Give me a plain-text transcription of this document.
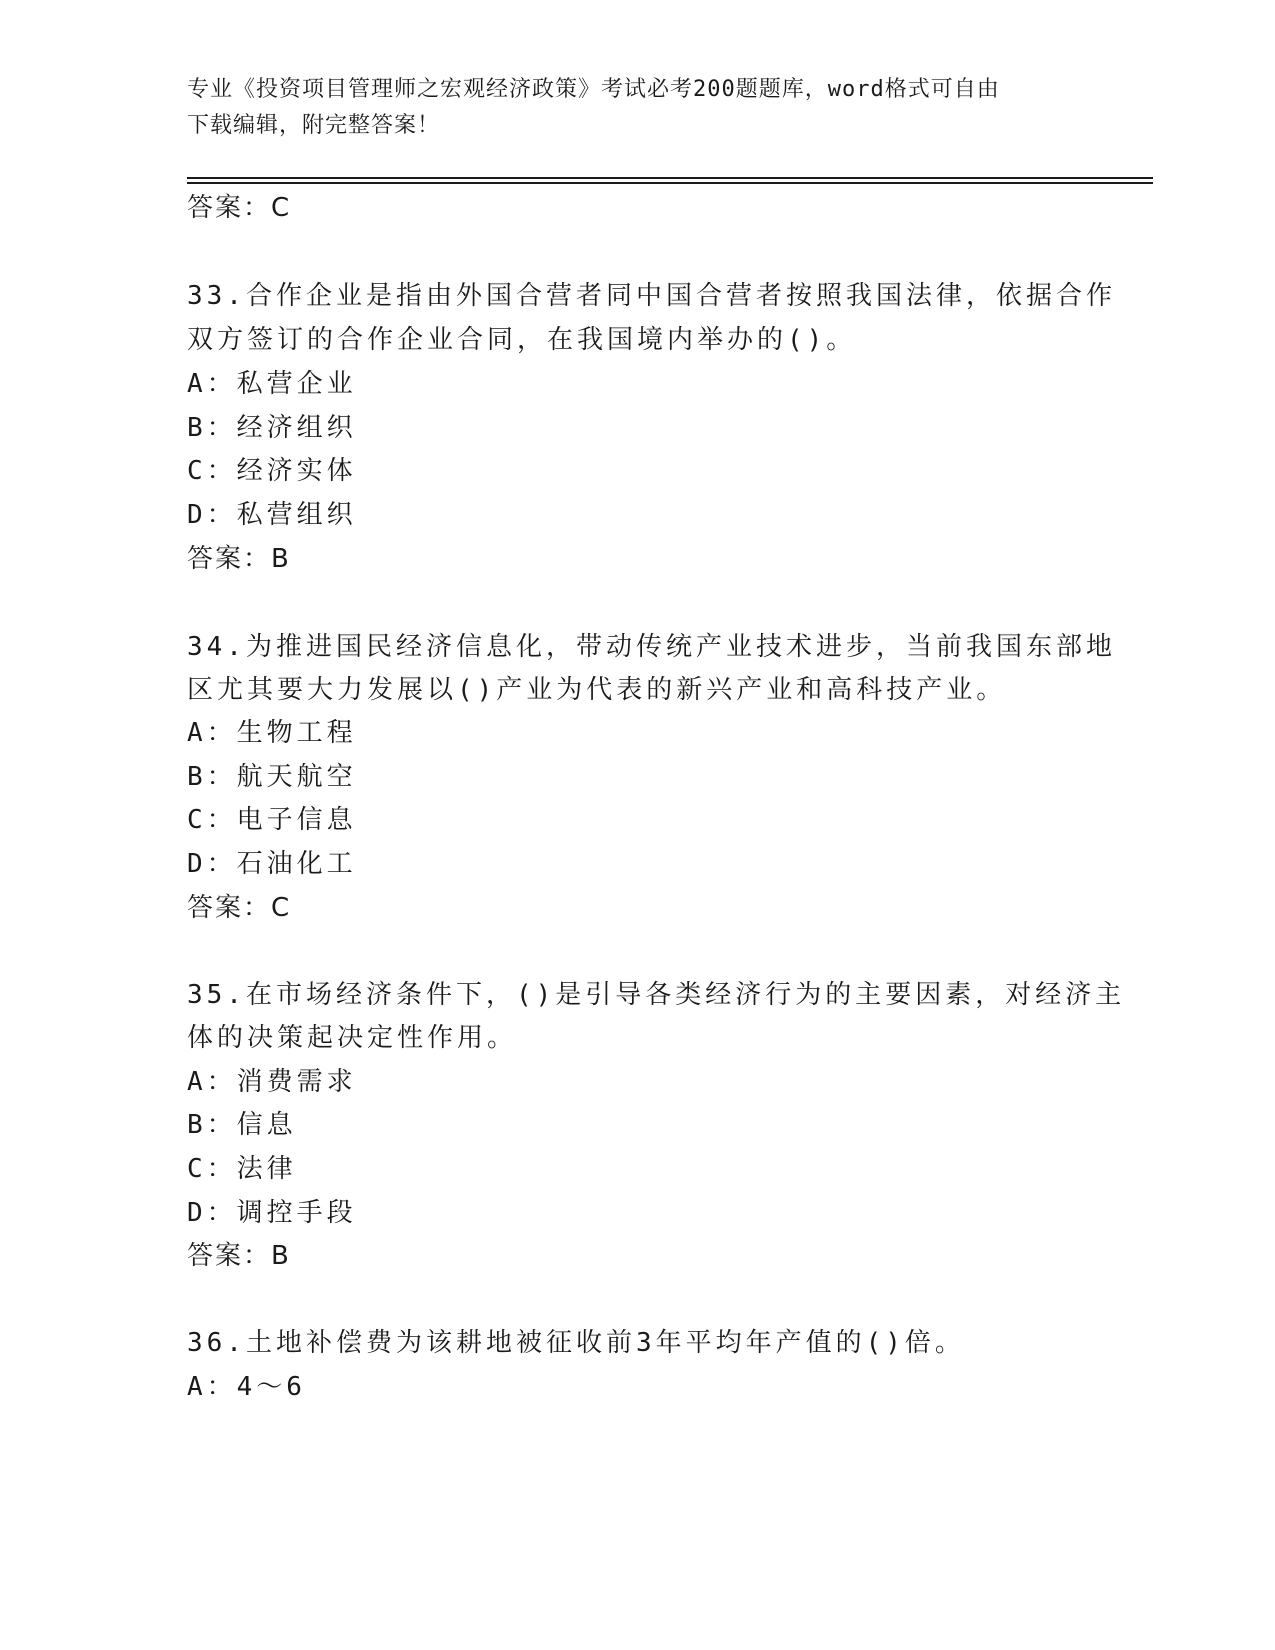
专业《投资项目管理师之宏观经济政策》考试必考200题题库，word格式可自由
下载编辑，附完整答案！
答案：C
33.合作企业是指由外国合营者同中国合营者按照我国法律，依据合作
双方签订的合作企业合同，在我国境内举办的()。
A：私营企业
B：经济组织
C：经济实体
D：私营组织
答案：B
34.为推进国民经济信息化，带动传统产业技术进步，当前我国东部地
区尤其要大力发展以()产业为代表的新兴产业和高科技产业。
A：生物工程
B：航天航空
C：电子信息
D：石油化工
答案：C
35.在市场经济条件下，()是引导各类经济行为的主要因素，对经济主
体的决策起决定性作用。
A：消费需求
B：信息
C：法律
D：调控手段
答案：B
36.土地补偿费为该耕地被征收前3年平均年产值的()倍。
A：4～6
